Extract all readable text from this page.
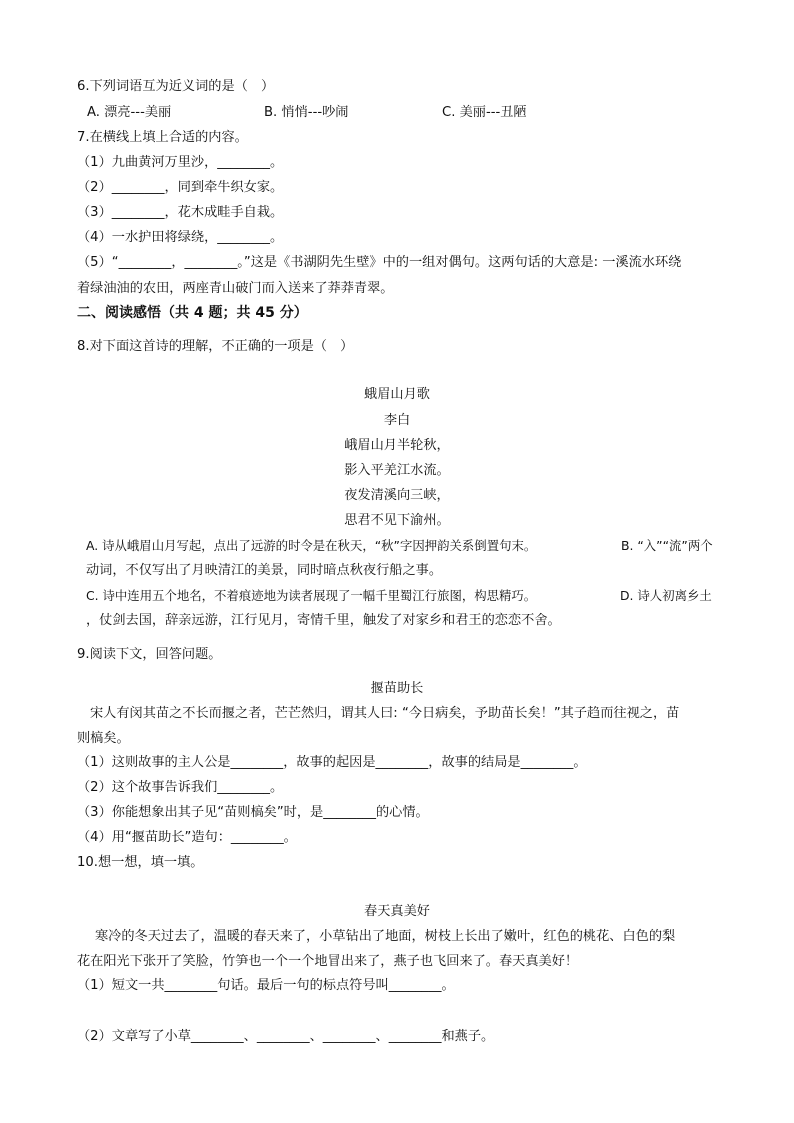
6.下列词语互为近义词的是（　）
A. 漂亮---美丽	B. 悄悄---吵闹	C. 美丽---丑陋
7.在横线上填上合适的内容。
（1）九曲黄河万里沙，________。
（2）________，同到牵牛织女家。
（3）________，花木成畦手自栽。
（4）一水护田将绿绕，________。
（5）“________，________。”这是《书湖阴先生壁》中的一组对偶句。这两句话的大意是: 一溪流水环绕
着绿油油的农田，两座青山破门而入送来了莽莽青翠。
二、阅读感悟（共 4 题；共 45 分）
8.对下面这首诗的理解，不正确的一项是（　）
蛾眉山月歌
李白
峨眉山月半轮秋，
影入平羌江水流。
夜发清溪向三峡，
思君不见下渝州。
A. 诗从峨眉山月写起，点出了远游的时令是在秋天，“秋”字因押韵关系倒置句末。	B. “入”“流”两个
动词，不仅写出了月映清江的美景，同时暗点秋夜行船之事。
C. 诗中连用五个地名，不着痕迹地为读者展现了一幅千里蜀江行旅图，构思精巧。	D. 诗人初离乡土
，仗剑去国，辞亲远游，江行见月，寄情千里，触发了对家乡和君王的恋恋不舍。
9.阅读下文，回答问题。
揠苗助长
宋人有闵其苗之不长而揠之者，芒芒然归，谓其人曰: “今日病矣，予助苗长矣！”其子趋而往视之，苗
则槁矣。
（1）这则故事的主人公是________，故事的起因是________，故事的结局是________。
（2）这个故事告诉我们________。
（3）你能想象出其子见“苗则槁矣”时，是________的心情。
（4）用“揠苗助长”造句：________。
10.想一想，填一填。
春天真美好
寒冷的冬天过去了，温暖的春天来了，小草钻出了地面，树枝上长出了嫩叶，红色的桃花、白色的梨
花在阳光下张开了笑脸，竹笋也一个一个地冒出来了，燕子也飞回来了。春天真美好！
（1）短文一共________句话。最后一句的标点符号叫________。
（2）文章写了小草________、________、________、________和燕子。
